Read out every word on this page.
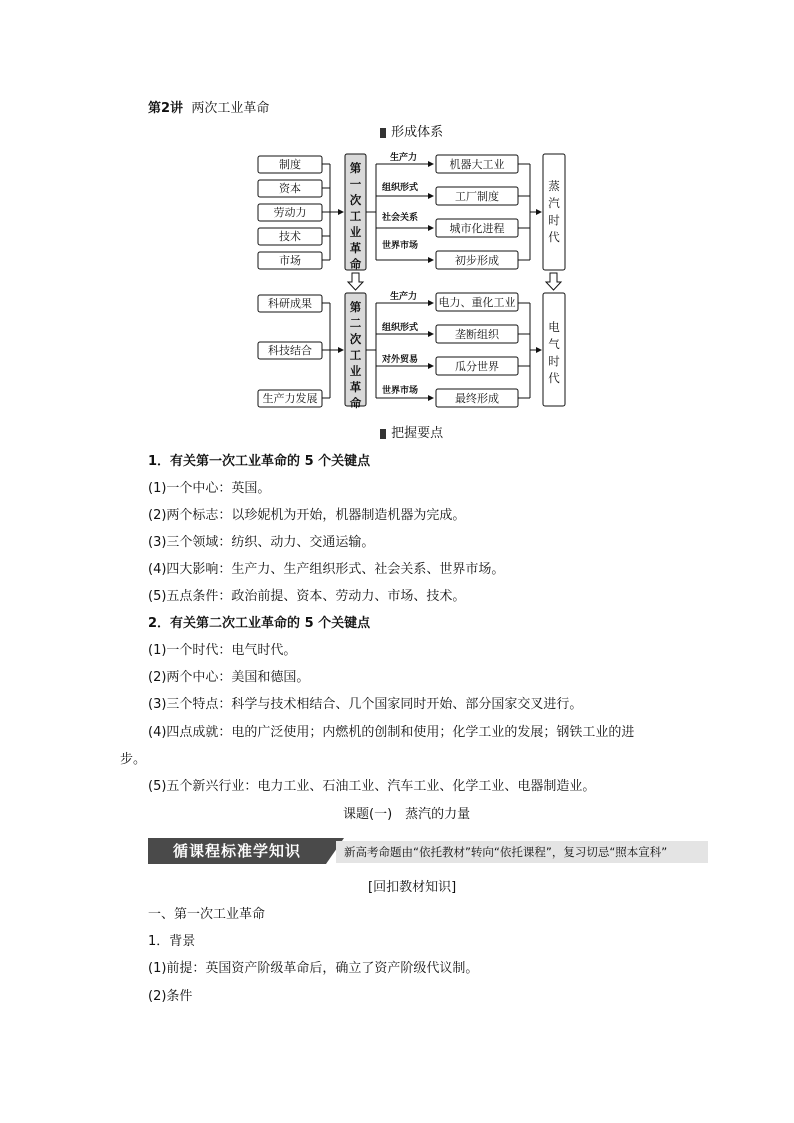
第2讲 两次工业革命
形成体系
制度
资本
劳动力
技术
市场
机器大工业
工厂制度
城市化进程
初步形成
科研成果
科技结合
生产力发展
电力、重化工业
垄断组织
瓜分世界
最终形成
生产力
组织形式
社会关系
世界市场
生产力
组织形式
对外贸易
世界市场
第
一
次
工
业
革
命
第
二
次
工
业
革
命
蒸
汽
时
代
电
气
时
代
把握要点
1．有关第一次工业革命的 5 个关键点
(1)一个中心：英国。
(2)两个标志：以珍妮机为开始，机器制造机器为完成。
(3)三个领域：纺织、动力、交通运输。
(4)四大影响：生产力、生产组织形式、社会关系、世界市场。
(5)五点条件：政治前提、资本、劳动力、市场、技术。
2．有关第二次工业革命的 5 个关键点
(1)一个时代：电气时代。
(2)两个中心：美国和德国。
(3)三个特点：科学与技术相结合、几个国家同时开始、部分国家交叉进行。
(4)四点成就：电的广泛使用；内燃机的创制和使用；化学工业的发展；钢铁工业的进
步。
(5)五个新兴行业：电力工业、石油工业、汽车工业、化学工业、电器制造业。
课题(一)　蒸汽的力量
循课程标准学知识	新高考命题由“依托教材”转向“依托课程”，复习切忌“照本宣科”
[回扣教材知识]
一、第一次工业革命
1．背景
(1)前提：英国资产阶级革命后，确立了资产阶级代议制。
(2)条件
